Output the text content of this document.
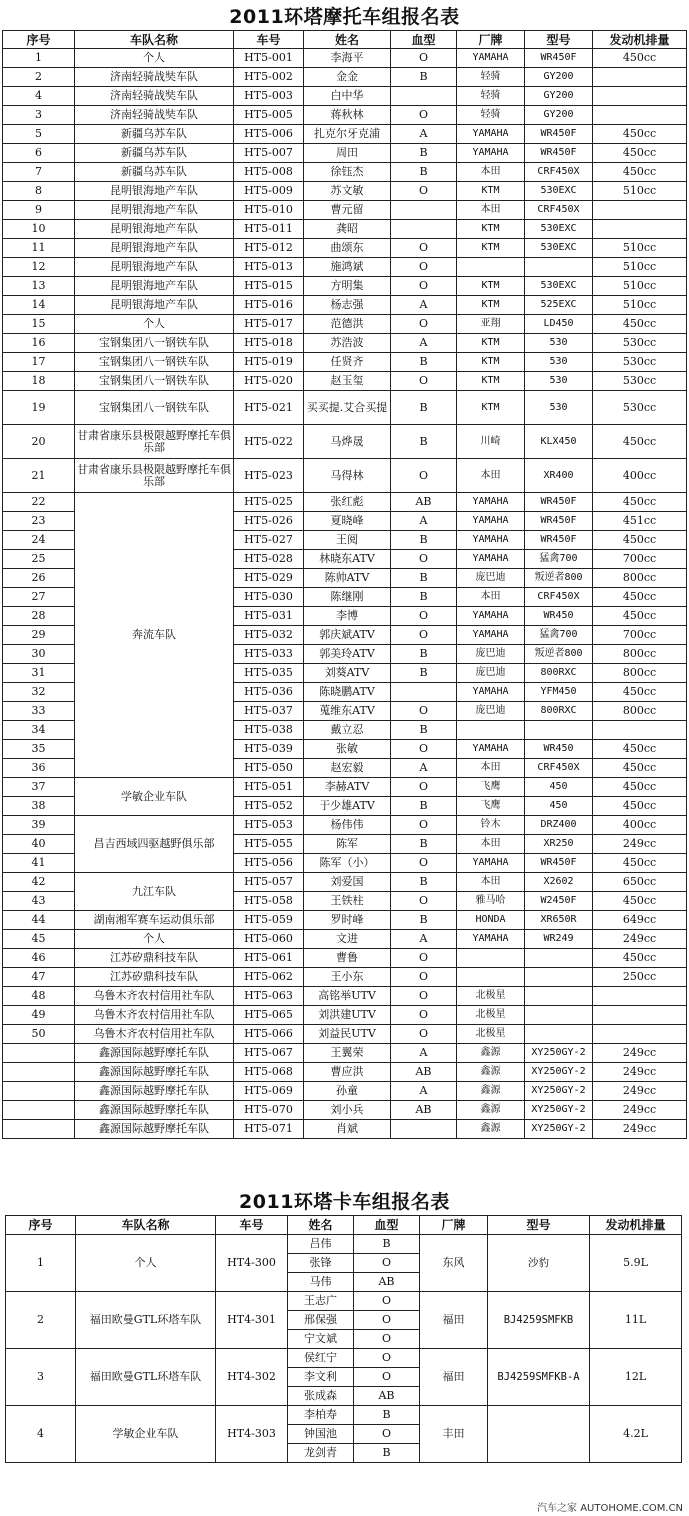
2011环塔摩托车组报名表
序号	车队名称	车号	姓名	血型	厂牌	型号	发动机排量
1	个人	HT5-001	李海平	O	YAMAHA	WR450F	450cc
2	济南轻骑战奘车队	HT5-002	金金	B	轻骑	GY200	
4	济南轻骑战奘车队	HT5-003	白中华		轻骑	GY200	
3	济南轻骑战奘车队	HT5-005	蒋秋林	O	轻骑	GY200	
5	新疆乌苏车队	HT5-006	扎克尔牙克浦	A	YAMAHA	WR450F	450cc
6	新疆乌苏车队	HT5-007	周田	B	YAMAHA	WR450F	450cc
7	新疆乌苏车队	HT5-008	徐钰杰	B	本田	CRF450X	450cc
8	昆明银海地产车队	HT5-009	苏文敏	O	KTM	530EXC	510cc
9	昆明银海地产车队	HT5-010	曹元留		本田	CRF450X	
10	昆明银海地产车队	HT5-011	龚昭		KTM	530EXC	
11	昆明银海地产车队	HT5-012	曲颂东	O	KTM	530EXC	510cc
12	昆明银海地产车队	HT5-013	施鸿斌	O			510cc
13	昆明银海地产车队	HT5-015	方明集	O	KTM	530EXC	510cc
14	昆明银海地产车队	HT5-016	杨志强	A	KTM	525EXC	510cc
15	个人	HT5-017	范德洪	O	亚翔	LD450	450cc
16	宝钢集团八一钢铁车队	HT5-018	苏浩波	A	KTM	530	530cc
17	宝钢集团八一钢铁车队	HT5-019	任贤齐	B	KTM	530	530cc
18	宝钢集团八一钢铁车队	HT5-020	赵玉玺	O	KTM	530	530cc
19	宝钢集团八一钢铁车队	HT5-021	买买提.艾合买提	B	KTM	530	530cc
20	甘肃省康乐县极限越野摩托车俱乐部	HT5-022	马烨晟	B	川崎	KLX450	450cc
21	甘肃省康乐县极限越野摩托车俱乐部	HT5-023	马得林	O	本田	XR400	400cc
22	奔流车队	HT5-025	张红彪	AB	YAMAHA	WR450F	450cc
23		HT5-026	夏晓峰	A	YAMAHA	WR450F	451cc
24		HT5-027	王阅	B	YAMAHA	WR450F	450cc
25		HT5-028	林晓东ATV	O	YAMAHA	猛禽700	700cc
26		HT5-029	陈帅ATV	B	庞巴迪	叛逆者800	800cc
27		HT5-030	陈继刚	B	本田	CRF450X	450cc
28		HT5-031	李博	O	YAMAHA	WR450	450cc
29		HT5-032	郭庆斌ATV	O	YAMAHA	猛禽700	700cc
30		HT5-033	郭美玲ATV	B	庞巴迪	叛逆者800	800cc
31		HT5-035	刘葵ATV	B	庞巴迪	800RXC	800cc
32		HT5-036	陈晓鹏ATV		YAMAHA	YFM450	450cc
33		HT5-037	蒐维东ATV	O	庞巴迪	800RXC	800cc
34		HT5-038	戴立忍	B			
35		HT5-039	张敏	O	YAMAHA	WR450	450cc
36		HT5-050	赵宏毅	A	本田	CRF450X	450cc
37	学敏企业车队	HT5-051	李赫ATV	O	飞鹰	450	450cc
38		HT5-052	于少雄ATV	B	飞鹰	450	450cc
39	昌吉西域四驱越野俱乐部	HT5-053	杨伟伟	O	铃木	DRZ400	400cc
40		HT5-055	陈军	B	本田	XR250	249cc
41		HT5-056	陈军（小）	O	YAMAHA	WR450F	450cc
42	九江车队	HT5-057	刘爱国	B	本田	X2602	650cc
43		HT5-058	王铁柱	O	雅马哈	W2450F	450cc
44	湖南湘军赛车运动俱乐部	HT5-059	罗时峰	B	HONDA	XR650R	649cc
45	个人	HT5-060	文进	A	YAMAHA	WR249	249cc
46	江苏矽鼎科技车队	HT5-061	曹鲁	O			450cc
47	江苏矽鼎科技车队	HT5-062	王小东	O			250cc
48	乌鲁木齐农村信用社车队	HT5-063	高铭举UTV	O	北极星		
49	乌鲁木齐农村信用社车队	HT5-065	刘洪建UTV	O	北极星		
50	乌鲁木齐农村信用社车队	HT5-066	刘益民UTV	O	北极星		
	鑫源国际越野摩托车队	HT5-067	王翼荣	A	鑫源	XY250GY-2	249cc
	鑫源国际越野摩托车队	HT5-068	曹应洪	AB	鑫源	XY250GY-2	249cc
	鑫源国际越野摩托车队	HT5-069	孙童	A	鑫源	XY250GY-2	249cc
	鑫源国际越野摩托车队	HT5-070	刘小兵	AB	鑫源	XY250GY-2	249cc
	鑫源国际越野摩托车队	HT5-071	肖斌		鑫源	XY250GY-2	249cc
2011环塔卡车组报名表
序号	车队名称	车号	姓名	血型	厂牌	型号	发动机排量
1	个人	HT4-300	吕伟	B	东风	沙豹	5.9L
			张锋	O			
			马伟	AB			
2	福田欧曼GTL环塔车队	HT4-301	王志广	O	福田	BJ4259SMFKB	11L
			邢保强	O			
			宁文斌	O			
3	福田欧曼GTL环塔车队	HT4-302	侯红宁	O	福田	BJ4259SMFKB-A	12L
			李文利	O			
			张成森	AB			
4	学敏企业车队	HT4-303	李柏寿	B	丰田		4.2L
			钟国池	O			
			龙剑青	B			
汽车之家 AUTOHOME.COM.CN
